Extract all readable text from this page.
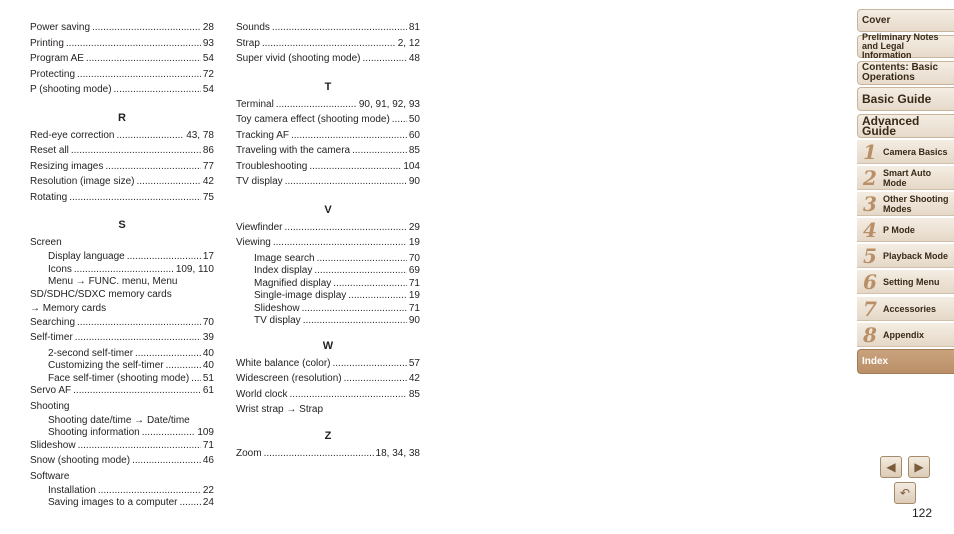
Power saving .....	28
Printing .....	93
Program AE .....	54
Protecting .....	72
P (shooting mode) .....	54
R
Red-eye correction .....	43, 78
Reset all .....	86
Resizing images .....	77
Resolution (image size) .....	42
Rotating .....	75
S
Screen
Display language .....	17
Icons .....	109, 110
Menu → FUNC. menu, Menu
SD/SDHC/SDXC memory cards
→ Memory cards
Searching .....	70
Self-timer .....	39
2-second self-timer .....	40
Customizing the self-timer .....	40
Face self-timer (shooting mode) ..... 51
Servo AF .....	61
Shooting
Shooting date/time → Date/time
Shooting information .....	109
Slideshow .....	71
Snow (shooting mode) .....	46
Software
Installation .....	22
Saving images to a computer .....	24
Sounds .....	81
Strap .....	2, 12
Super vivid (shooting mode) .....	48
T
Terminal .....	90, 91, 92, 93
Toy camera effect (shooting mode) ..... 50
Tracking AF .....	60
Traveling with the camera .....	85
Troubleshooting .....	104
TV display .....	90
V
Viewfinder .....	29
Viewing .....	19
Image search .....	70
Index display .....	69
Magnified display .....	71
Single-image display .....	19
Slideshow .....	71
TV display .....	90
W
White balance (color) .....	57
Widescreen (resolution) .....	42
World clock .....	85
Wrist strap → Strap
Z
Zoom .....	18, 34, 38
Cover
Preliminary Notes
and Legal Information
Contents: Basic
Operations
Basic Guide
Advanced Guide
1 Camera Basics
2 Smart Auto
Mode
3 Other Shooting
Modes
4 P Mode
5 Playback Mode
6 Setting Menu
7 Accessories
8 Appendix
Index
◀ ▶
↶
122
